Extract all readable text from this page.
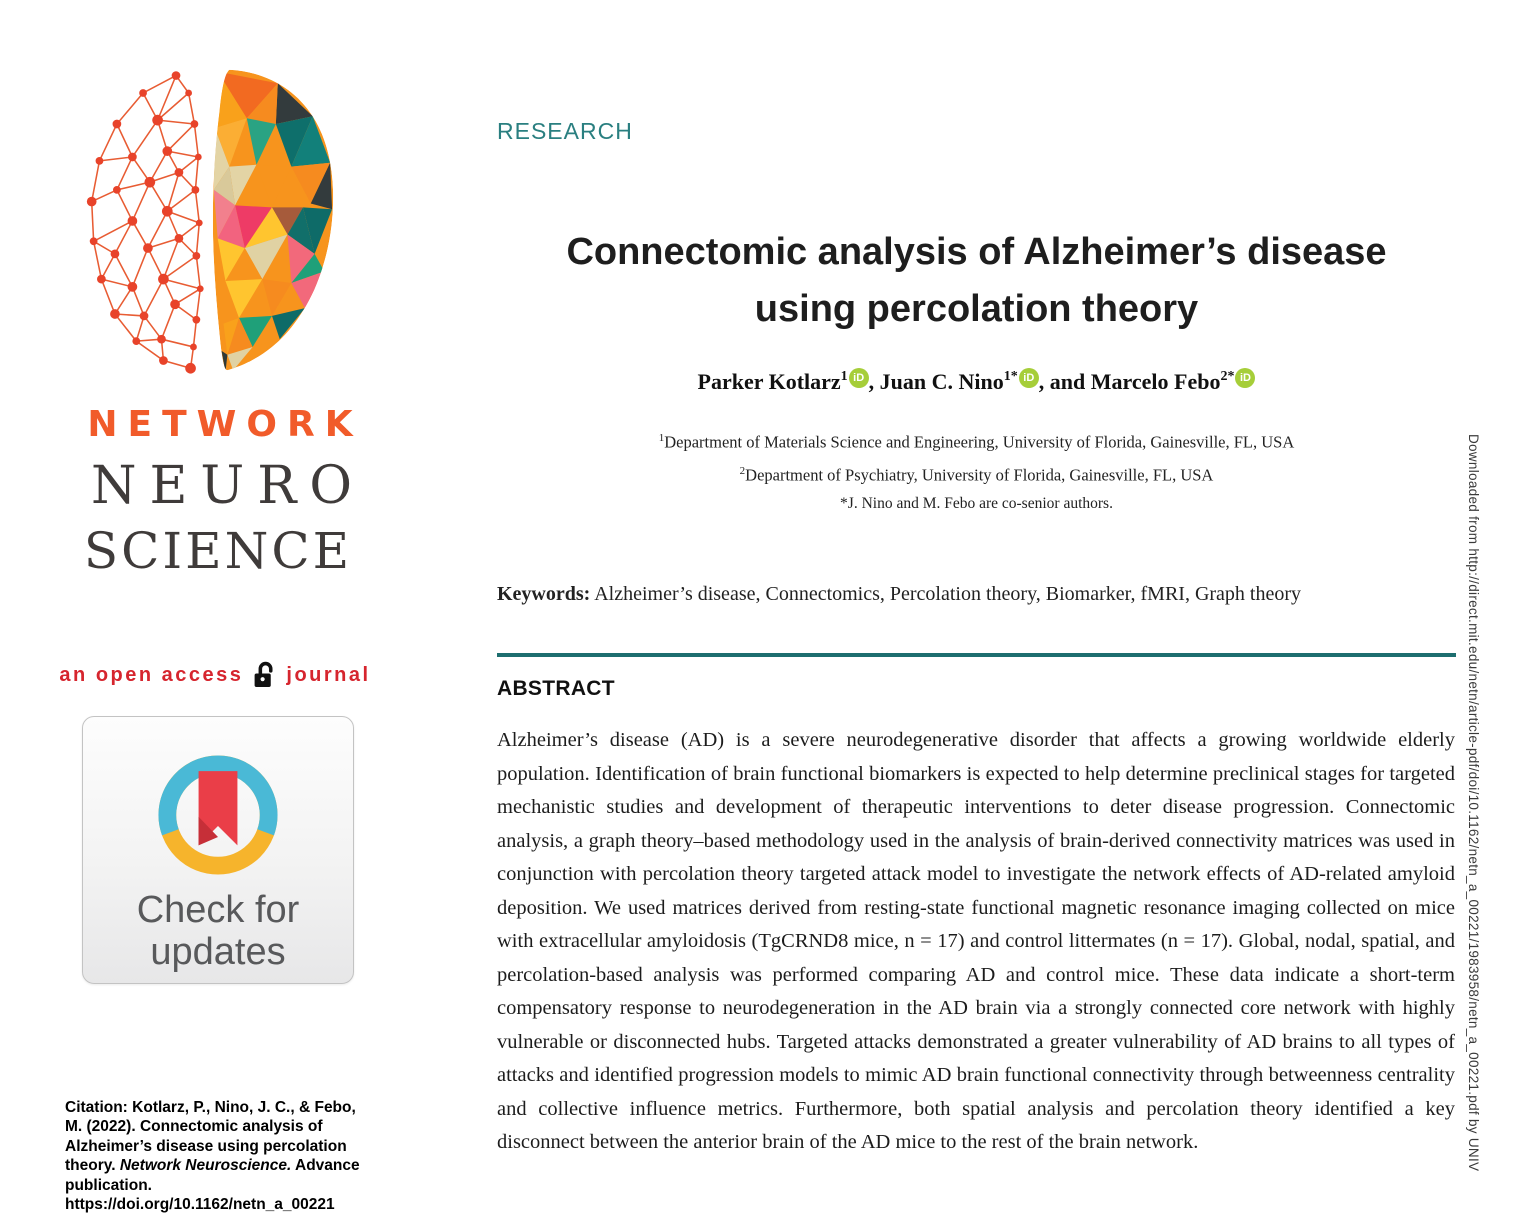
NETWORK
NEURO
SCIENCE
an open access journal
Check for
updates

Citation: Kotlarz, P., Nino, J. C., & Febo, M. (2022). Connectomic analysis of Alzheimer’s disease using percolation theory. Network Neuroscience. Advance publication. https://doi.org/10.1162/netn_a_00221

RESEARCH
Connectomic analysis of Alzheimer’s disease
using percolation theory
Parker Kotlarz$^1$ iD , Juan C. Nino$^{1*}$ iD , and Marcelo Febo$^{2*}$ iD
$^1$Department of Materials Science and Engineering, University of Florida, Gainesville, FL, USA
$^2$Department of Psychiatry, University of Florida, Gainesville, FL, USA
*J. Nino and M. Febo are co-senior authors.
Keywords: Alzheimer’s disease, Connectomics, Percolation theory, Biomarker, fMRI, Graph theory
ABSTRACT

Alzheimer’s disease (AD) is a severe neurodegenerative disorder that affects a growing worldwide elderly population. Identification of brain functional biomarkers is expected to help determine preclinical stages for targeted mechanistic studies and development of therapeutic interventions to deter disease progression. Connectomic analysis, a graph theory–based methodology used in the analysis of brain-derived connectivity matrices was used in conjunction with percolation theory targeted attack model to investigate the network effects of AD-related amyloid deposition. We used matrices derived from resting-state functional magnetic resonance imaging collected on mice with extracellular amyloidosis (TgCRND8 mice, n = 17) and control littermates (n = 17). Global, nodal, spatial, and percolation-based analysis was performed comparing AD and control mice. These data indicate a short-term compensatory response to neurodegeneration in the AD brain via a strongly connected core network with highly vulnerable or disconnected hubs. Targeted attacks demonstrated a greater vulnerability of AD brains to all types of attacks and identified progression models to mimic AD brain functional connectivity through betweenness centrality and collective influence metrics. Furthermore, both spatial analysis and percolation theory identified a key disconnect between the anterior brain of the AD mice to the rest of the brain network.	Downloaded from http://direct.mit.edu/netn/article-pdf/doi/10.1162/netn_a_00221/1983958/netn_a_00221.pdf by UNIV
